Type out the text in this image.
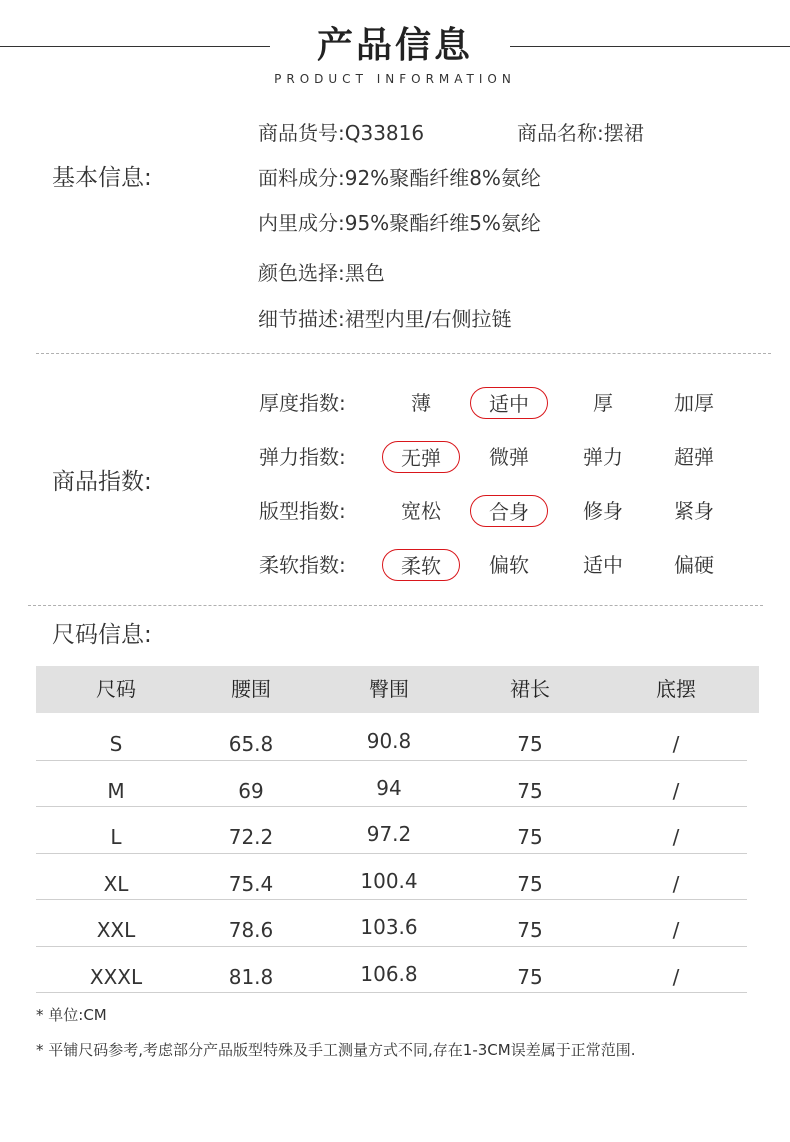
产品信息
PRODUCT INFORMATION
基本信息:
商品货号:Q33816	商品名称:摆裙
面料成分:92%聚酯纤维8%氨纶
内里成分:95%聚酯纤维5%氨纶
颜色选择:黑色
细节描述:裙型内里/右侧拉链
商品指数:
厚度指数:	薄	适中	厚	加厚
弹力指数:	无弹	微弹	弹力	超弹
版型指数:	宽松	合身	修身	紧身
柔软指数:	柔软	偏软	适中	偏硬
尺码信息:
尺码	腰围	臀围	裙长	底摆
S	65.8	90.8	75	/
M	69	94	75	/
L	72.2	97.2	75	/
XL	75.4	100.4	75	/
XXL	78.6	103.6	75	/
XXXL	81.8	106.8	75	/
* 单位:CM
* 平铺尺码参考,考虑部分产品版型特殊及手工测量方式不同,存在1-3CM误差属于正常范围.
